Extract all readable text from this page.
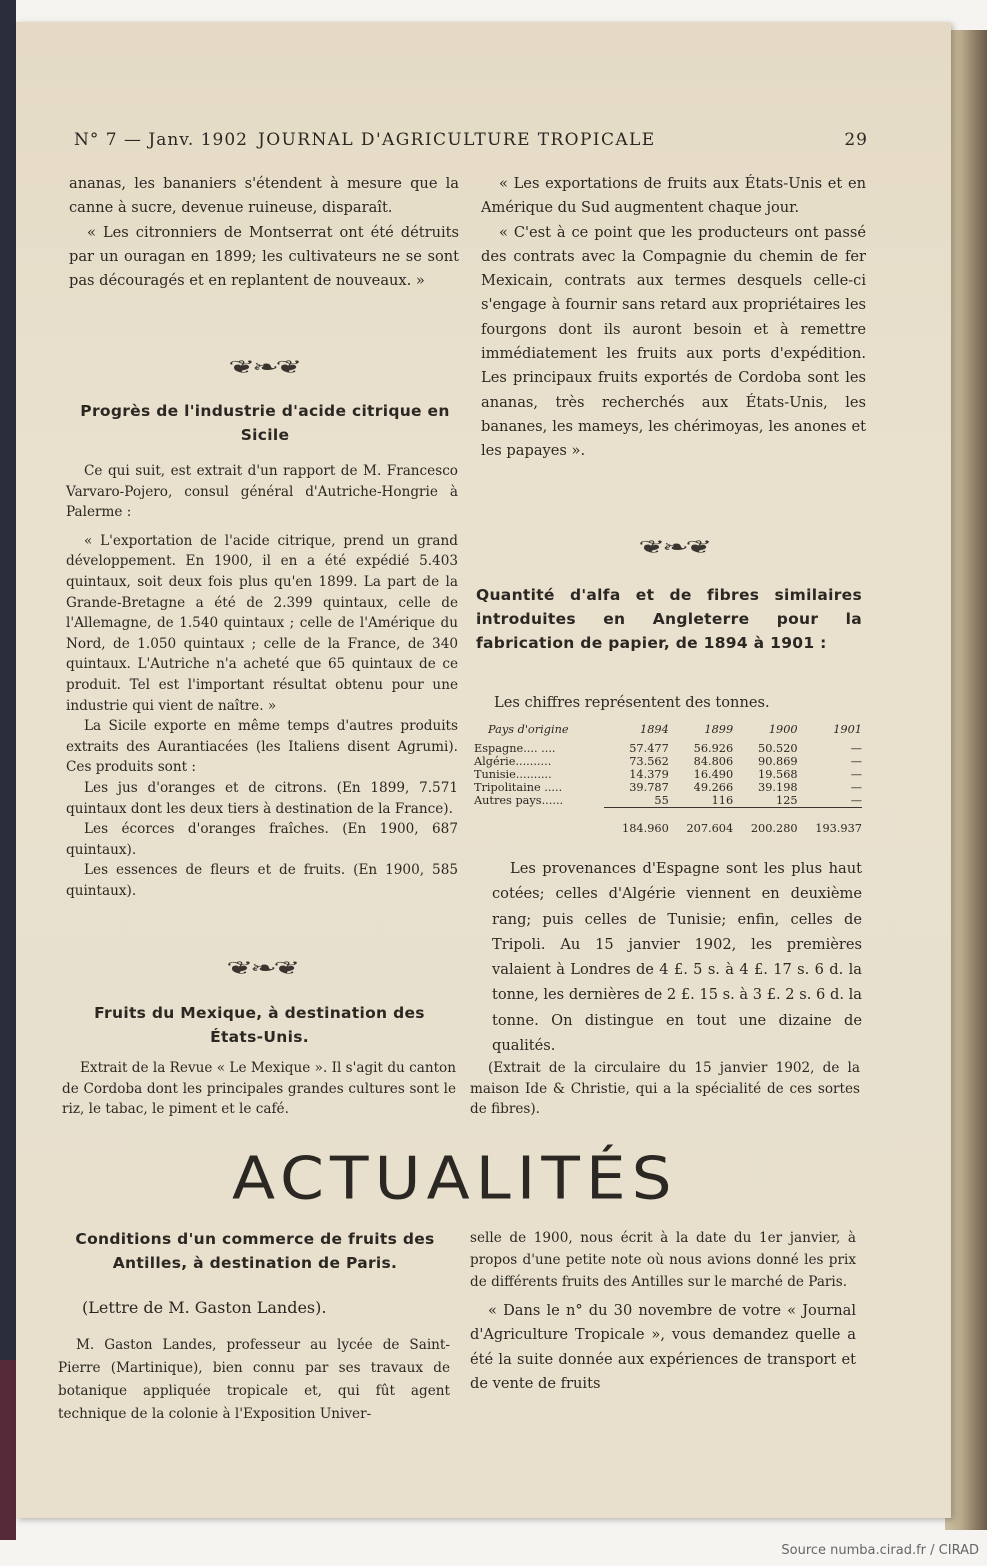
N° 7 — Janv. 1902 JOURNAL D'AGRICULTURE TROPICALE	29

ananas, les bananiers s'étendent à mesure que la canne à sucre, devenue ruineuse, disparaît.

« Les citronniers de Montserrat ont été détruits par un ouragan en 1899; les cultivateurs ne se sont pas découragés et en replantent de nouveaux. »

❦❧❦
Progrès de l'industrie d'acide citrique en Sicile

Ce qui suit, est extrait d'un rapport de M. Francesco Varvaro-Pojero, consul général d'Autriche-Hongrie à Palerme :

« L'exportation de l'acide citrique, prend un grand développement. En 1900, il en a été expédié 5.403 quintaux, soit deux fois plus qu'en 1899. La part de la Grande-Bretagne a été de 2.399 quintaux, celle de l'Allemagne, de 1.540 quintaux ; celle de l'Amérique du Nord, de 1.050 quintaux ; celle de la France, de 340 quintaux. L'Autriche n'a acheté que 65 quintaux de ce produit. Tel est l'important résultat obtenu pour une industrie qui vient de naître. »

La Sicile exporte en même temps d'autres produits extraits des Aurantiacées (les Italiens disent Agrumi). Ces produits sont :

Les jus d'oranges et de citrons. (En 1899, 7.571 quintaux dont les deux tiers à destination de la France).

Les écorces d'oranges fraîches. (En 1900, 687 quintaux).

Les essences de fleurs et de fruits. (En 1900, 585 quintaux).

❦❧❦
Fruits du Mexique, à destination des États-Unis.

Extrait de la Revue « Le Mexique ». Il s'agit du canton de Cordoba dont les principales grandes cultures sont le riz, le tabac, le piment et le café.

« Les exportations de fruits aux États-Unis et en Amérique du Sud augmentent chaque jour.

« C'est à ce point que les producteurs ont passé des contrats avec la Compagnie du chemin de fer Mexicain, contrats aux termes desquels celle-ci s'engage à fournir sans retard aux propriétaires les fourgons dont ils auront besoin et à remettre immédiatement les fruits aux ports d'expédition. Les principaux fruits exportés de Cordoba sont les ananas, très recherchés aux États-Unis, les bananes, les mameys, les chérimoyas, les anones et les papayes ».

❦❧❦
Quantité d'alfa et de fibres similaires introduites en Angleterre pour la fabrication de papier, de 1894 à 1901 :
Les chiffres représentent des tonnes.
Pays d'origine	1894	1899	1900	1901
Espagne.... ....	57.477	56.926	50.520	—
Algérie..........	73.562	84.806	90.869	—
Tunisie..........	14.379	16.490	19.568	—
Tripolitaine .....	39.787	49.266	39.198	—
Autres pays......	55	116	125	—
	184.960	207.604	200.280	193.937

Les provenances d'Espagne sont les plus haut cotées; celles d'Algérie viennent en deuxième rang; puis celles de Tunisie; enfin, celles de Tripoli. Au 15 janvier 1902, les premières valaient à Londres de 4 £. 5 s. à 4 £. 17 s. 6 d. la tonne, les dernières de 2 £. 15 s. à 3 £. 2 s. 6 d. la tonne. On distingue en tout une dizaine de qualités.

(Extrait de la circulaire du 15 janvier 1902, de la maison Ide & Christie, qui a la spécialité de ces sortes de fibres).

ACTUALITÉS
Conditions d'un commerce de fruits des Antilles, à destination de Paris.
(Lettre de M. Gaston Landes).

M. Gaston Landes, professeur au lycée de Saint-Pierre (Martinique), bien connu par ses travaux de botanique appliquée tropicale et, qui fût agent technique de la colonie à l'Exposition Univer-

selle de 1900, nous écrit à la date du 1er janvier, à propos d'une petite note où nous avions donné les prix de différents fruits des Antilles sur le marché de Paris.

« Dans le n° du 30 novembre de votre « Journal d'Agriculture Tropicale », vous demandez quelle a été la suite donnée aux expériences de transport et de vente de fruits

Source numba.cirad.fr / CIRAD
